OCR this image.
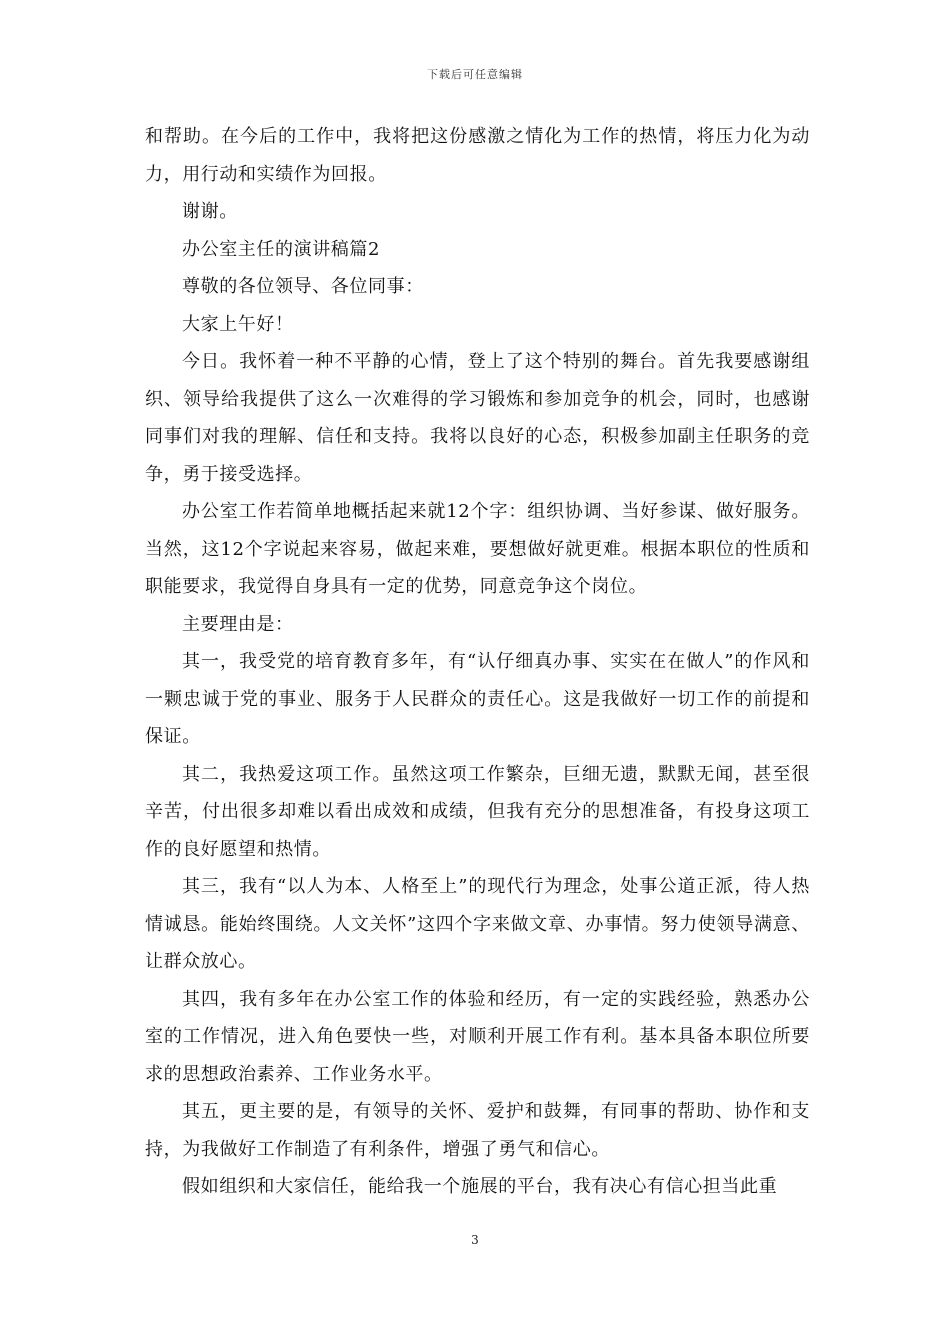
下载后可任意编辑

和帮助。在今后的工作中，我将把这份感激之情化为工作的热情，将压力化为动力，用行动和实绩作为回报。

谢谢。

办公室主任的演讲稿篇2

尊敬的各位领导、各位同事：

大家上午好！

今日。我怀着一种不平静的心情，登上了这个特别的舞台。首先我要感谢组织、领导给我提供了这么一次难得的学习锻炼和参加竞争的机会，同时，也感谢同事们对我的理解、信任和支持。我将以良好的心态，积极参加副主任职务的竞争，勇于接受选择。

办公室工作若简单地概括起来就12个字：组织协调、当好参谋、做好服务。当然，这12个字说起来容易，做起来难，要想做好就更难。根据本职位的性质和职能要求，我觉得自身具有一定的优势，同意竞争这个岗位。

主要理由是：

其一，我受党的培育教育多年，有“认仔细真办事、实实在在做人”的作风和一颗忠诚于党的事业、服务于人民群众的责任心。这是我做好一切工作的前提和保证。

其二，我热爱这项工作。虽然这项工作繁杂，巨细无遗，默默无闻，甚至很辛苦，付出很多却难以看出成效和成绩，但我有充分的思想准备，有投身这项工作的良好愿望和热情。

其三，我有“以人为本、人格至上”的现代行为理念，处事公道正派，待人热情诚恳。能始终围绕。人文关怀”这四个字来做文章、办事情。努力使领导满意、让群众放心。

其四，我有多年在办公室工作的体验和经历，有一定的实践经验，熟悉办公室的工作情况，进入角色要快一些，对顺利开展工作有利。基本具备本职位所要求的思想政治素养、工作业务水平。

其五，更主要的是，有领导的关怀、爱护和鼓舞，有同事的帮助、协作和支持，为我做好工作制造了有利条件，增强了勇气和信心。

假如组织和大家信任，能给我一个施展的平台，我有决心有信心担当此重

3
